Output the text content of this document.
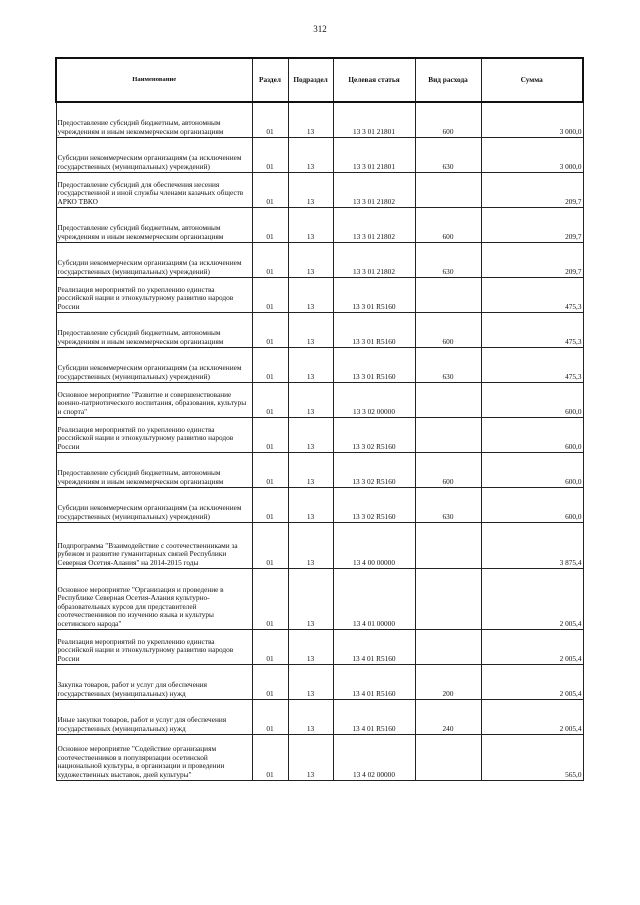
312
Наименование	Раздел	Подраздел	Целевая статья	Вид расхода	Сумма

Предоставление субсидий бюджетным, автономным учреждениям и иным некоммерческим организациям	01	13	13 3 01 21801	600	3 000,0

Субсидии некоммерческим организациям (за исключением государственных (муниципальных) учреждений)	01	13	13 3 01 21801	630	3 000,0

Предоставление субсидий для обеспечения несения государственной и иной службы членами казачьих обществ АРКО ТВКО	01	13	13 3 01 21802		209,7

Предоставление субсидий бюджетным, автономным учреждениям и иным некоммерческим организациям	01	13	13 3 01 21802	600	209,7

Субсидии некоммерческим организациям (за исключением государственных (муниципальных) учреждений)	01	13	13 3 01 21802	630	209,7

Реализация мероприятий по укреплению единства российской нации и этнокультурному развитию народов России	01	13	13 3 01 R5160		475,3

Предоставление субсидий бюджетным, автономным учреждениям и иным некоммерческим организациям	01	13	13 3 01 R5160	600	475,3

Субсидии некоммерческим организациям (за исключением государственных (муниципальных) учреждений)	01	13	13 3 01 R5160	630	475,3

Основное мероприятие "Развитие и совершенствование военно-патриотического воспитания, образования, культуры и спорта"	01	13	13 3 02 00000		600,0

Реализация мероприятий по укреплению единства российской нации и этнокультурному развитию народов России	01	13	13 3 02 R5160		600,0

Предоставление субсидий бюджетным, автономным учреждениям и иным некоммерческим организациям	01	13	13 3 02 R5160	600	600,0

Субсидии некоммерческим организациям (за исключением государственных (муниципальных) учреждений)	01	13	13 3 02 R5160	630	600,0

Подпрограмма "Взаимодействие с соотечественниками за рубежом и развитие гуманитарных связей Республики Северная Осетия-Алания" на 2014-2015 годы	01	13	13 4 00 00000		3 875,4

Основное мероприятие "Организация и проведение в Республике Северная Осетия-Алания культурно-образовательных курсов для представителей соотечественников по изучению языка и культуры осетинского народа"	01	13	13 4 01 00000		2 005,4

Реализация мероприятий по укреплению единства российской нации и этнокультурному развитию народов России	01	13	13 4 01 R5160		2 005,4

Закупка товаров, работ и услуг для обеспечения государственных (муниципальных) нужд	01	13	13 4 01 R5160	200	2 005,4

Иные закупки товаров, работ и услуг для обеспечения государственных (муниципальных) нужд	01	13	13 4 01 R5160	240	2 005,4

Основное мероприятие "Содействие организациям соотечественников в популяризации осетинской национальной культуры, в организации и проведении художественных выставок, дней культуры"	01	13	13 4 02 00000		565,0
